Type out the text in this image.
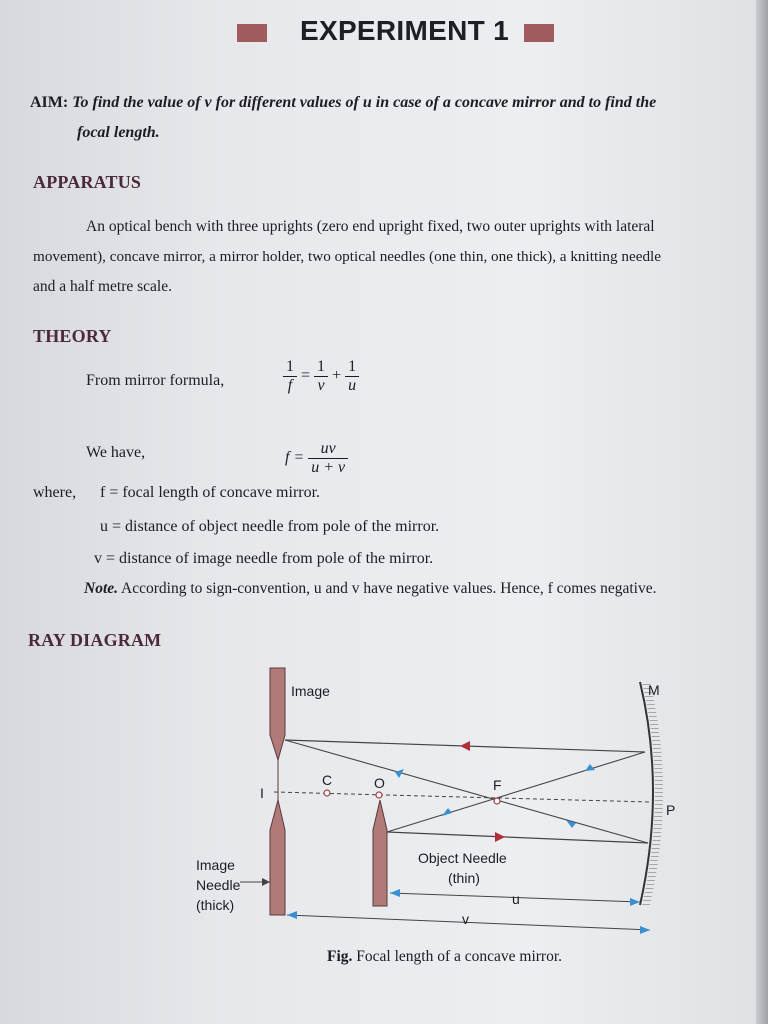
EXPERIMENT 1
AIM: To find the value of v for different values of u in case of a concave mirror and to find the
focal length.
APPARATUS
An optical bench with three uprights (zero end upright fixed, two outer uprights with lateral
movement), concave mirror, a mirror holder, two optical needles (one thin, one thick), a knitting needle
and a half metre scale.
THEORY
From mirror formula,	$\frac{1}{f} = \frac{1}{v} + \frac{1}{u}$
We have,	$f = \frac{uv}{u + v}$
where, f = focal length of concave mirror.
u = distance of object needle from pole of the mirror.
v = distance of image needle from pole of the mirror.
Note. According to sign-convention, u and v have negative values. Hence, f comes negative.
RAY DIAGRAM
Image	M
I
C	O	F
P
Object Needle
(thin)
Image
Needle
(thick)	u
v
Fig. Focal length of a concave mirror.
